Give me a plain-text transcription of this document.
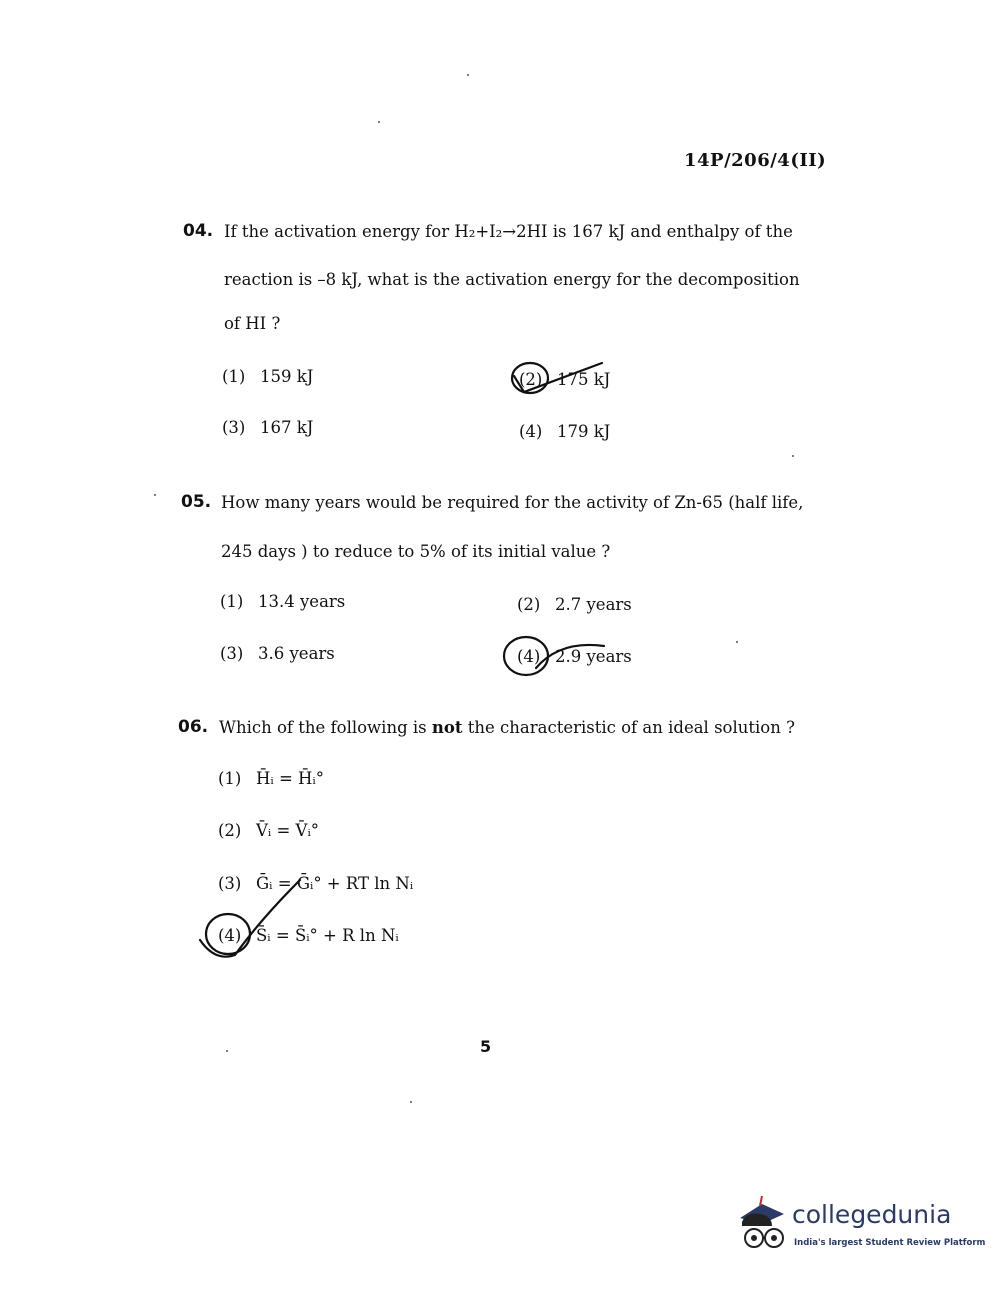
14P/206/4(II)
04. If the activation energy for H₂+I₂→2HI is 167 kJ and enthalpy of the
reaction is –8 kJ, what is the activation energy for the decomposition
of HI ?
(1) 159 kJ	(2) 175 kJ
(3) 167 kJ	(4) 179 kJ
05. How many years would be required for the activity of Zn-65 (half life,
245 days ) to reduce to 5% of its initial value ?
(1) 13.4 years	(2) 2.7 years
(3) 3.6 years	(4) 2.9 years
06. Which of the following is not the characteristic of an ideal solution ?
(1) H̄ᵢ = H̄ᵢ°
(2) V̄ᵢ = V̄ᵢ°
(3) Ḡᵢ = Ḡᵢ° + RT ln Nᵢ
(4) S̄ᵢ = S̄ᵢ° + R ln Nᵢ
5
collegedunia
India's largest Student Review Platform
